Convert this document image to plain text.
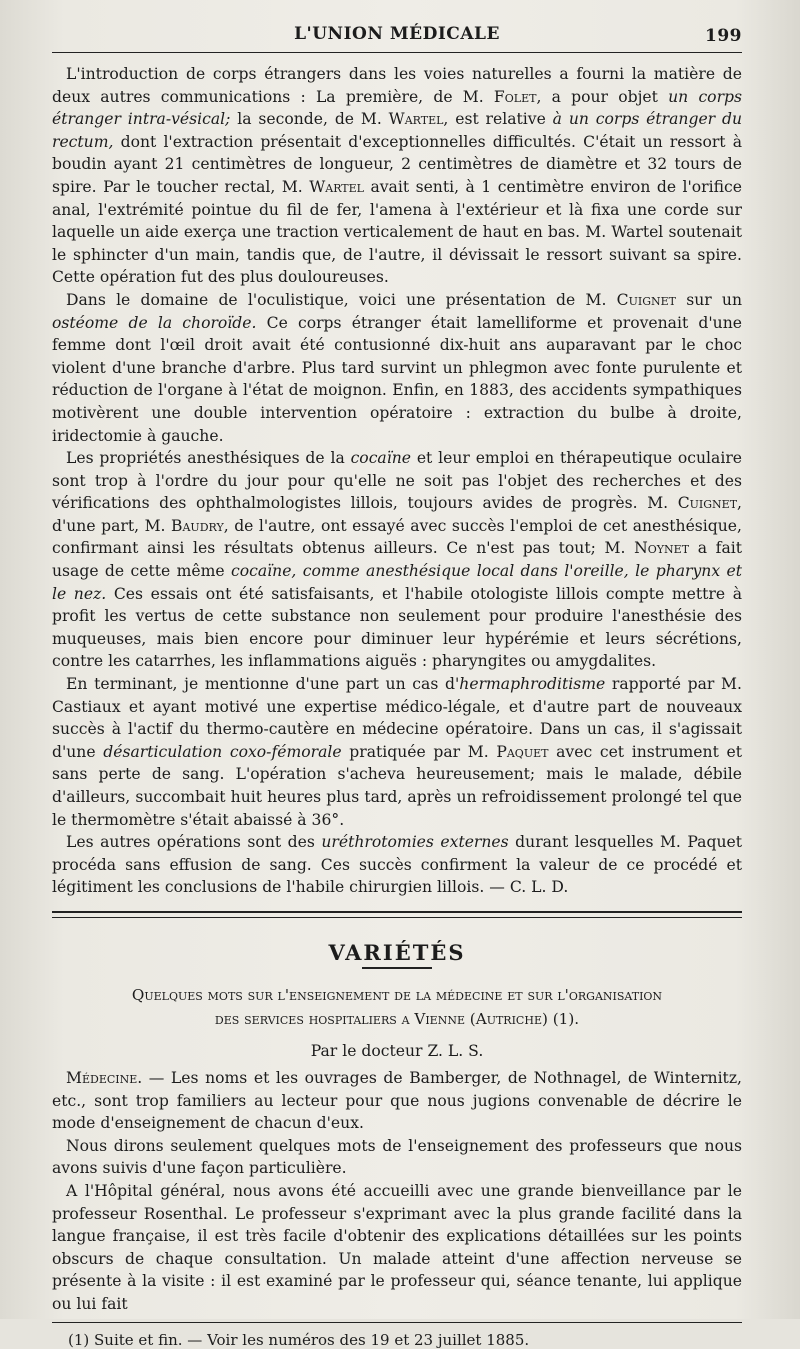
L'UNION MÉDICALE	199

L'introduction de corps étrangers dans les voies naturelles a fourni la matière de deux autres communications : La première, de M. Folet, a pour objet un corps étranger intra-vésical; la seconde, de M. Wartel, est relative à un corps étranger du rectum, dont l'extraction présentait d'exceptionnelles difficultés. C'était un ressort à boudin ayant 21 centimètres de longueur, 2 centimètres de diamètre et 32 tours de spire. Par le toucher rectal, M. Wartel avait senti, à 1 centimètre environ de l'orifice anal, l'extrémité pointue du fil de fer, l'amena à l'extérieur et là fixa une corde sur laquelle un aide exerça une traction verticalement de haut en bas. M. Wartel soutenait le sphincter d'un main, tandis que, de l'autre, il dévissait le ressort suivant sa spire. Cette opération fut des plus douloureuses.

Dans le domaine de l'oculistique, voici une présentation de M. Cuignet sur un ostéome de la choroïde. Ce corps étranger était lamelliforme et provenait d'une femme dont l'œil droit avait été contusionné dix-huit ans auparavant par le choc violent d'une branche d'arbre. Plus tard survint un phlegmon avec fonte purulente et réduction de l'organe à l'état de moignon. Enfin, en 1883, des accidents sympathiques motivèrent une double intervention opératoire : extraction du bulbe à droite, iridectomie à gauche.

Les propriétés anesthésiques de la cocaïne et leur emploi en thérapeutique oculaire sont trop à l'ordre du jour pour qu'elle ne soit pas l'objet des recherches et des vérifications des ophthalmologistes lillois, toujours avides de progrès. M. Cuignet, d'une part, M. Baudry, de l'autre, ont essayé avec succès l'emploi de cet anesthésique, confirmant ainsi les résultats obtenus ailleurs. Ce n'est pas tout; M. Noynet a fait usage de cette même cocaïne, comme anesthésique local dans l'oreille, le pharynx et le nez. Ces essais ont été satisfaisants, et l'habile otologiste lillois compte mettre à profit les vertus de cette substance non seulement pour produire l'anesthésie des muqueuses, mais bien encore pour diminuer leur hypérémie et leurs sécrétions, contre les catarrhes, les inflammations aiguës : pharyngites ou amygdalites.

En terminant, je mentionne d'une part un cas d'hermaphroditisme rapporté par M. Castiaux et ayant motivé une expertise médico-légale, et d'autre part de nouveaux succès à l'actif du thermo-cautère en médecine opératoire. Dans un cas, il s'agissait d'une désarticulation coxo-fémorale pratiquée par M. Paquet avec cet instrument et sans perte de sang. L'opération s'acheva heureusement; mais le malade, débile d'ailleurs, succombait huit heures plus tard, après un refroidissement prolongé tel que le thermomètre s'était abaissé à 36°.

Les autres opérations sont des uréthrotomies externes durant lesquelles M. Paquet procéda sans effusion de sang. Ces succès confirment la valeur de ce procédé et légitiment les conclusions de l'habile chirurgien lillois. — C. L. D.

VARIÉTÉS
Quelques mots sur l'enseignement de la médecine et sur l'organisation
des services hospitaliers a Vienne (Autriche) (1).
Par le docteur Z. L. S.

Médecine. — Les noms et les ouvrages de Bamberger, de Nothnagel, de Winternitz, etc., sont trop familiers au lecteur pour que nous jugions convenable de décrire le mode d'enseignement de chacun d'eux.

Nous dirons seulement quelques mots de l'enseignement des professeurs que nous avons suivis d'une façon particulière.

A l'Hôpital général, nous avons été accueilli avec une grande bienveillance par le professeur Rosenthal. Le professeur s'exprimant avec la plus grande facilité dans la langue française, il est très facile d'obtenir des explications détaillées sur les points obscurs de chaque consultation. Un malade atteint d'une affection nerveuse se présente à la visite : il est examiné par le professeur qui, séance tenante, lui applique ou lui fait

(1) Suite et fin. — Voir les numéros des 19 et 23 juillet 1885.
